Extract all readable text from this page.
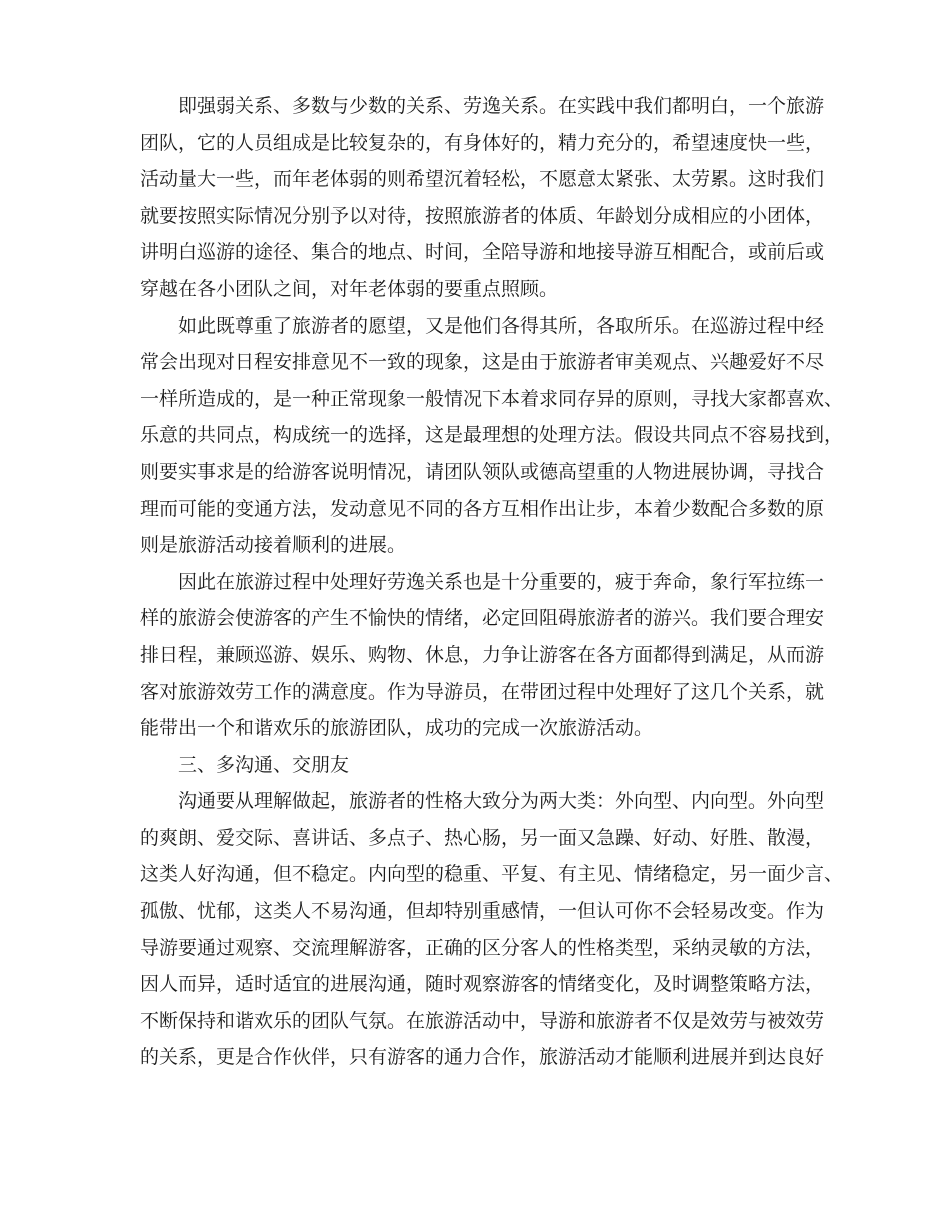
即强弱关系、多数与少数的关系、劳逸关系。在实践中我们都明白，一个旅游
团队，它的人员组成是比较复杂的，有身体好的，精力充分的，希望速度快一些，
活动量大一些，而年老体弱的则希望沉着轻松，不愿意太紧张、太劳累。这时我们
就要按照实际情况分别予以对待，按照旅游者的体质、年龄划分成相应的小团体，
讲明白巡游的途径、集合的地点、时间，全陪导游和地接导游互相配合，或前后或
穿越在各小团队之间，对年老体弱的要重点照顾。
如此既尊重了旅游者的愿望，又是他们各得其所，各取所乐。在巡游过程中经
常会出现对日程安排意见不一致的现象，这是由于旅游者审美观点、兴趣爱好不尽
一样所造成的，是一种正常现象一般情况下本着求同存异的原则，寻找大家都喜欢、
乐意的共同点，构成统一的选择，这是最理想的处理方法。假设共同点不容易找到，
则要实事求是的给游客说明情况，请团队领队或德高望重的人物进展协调，寻找合
理而可能的变通方法，发动意见不同的各方互相作出让步，本着少数配合多数的原
则是旅游活动接着顺利的进展。
因此在旅游过程中处理好劳逸关系也是十分重要的，疲于奔命，象行军拉练一
样的旅游会使游客的产生不愉快的情绪，必定回阻碍旅游者的游兴。我们要合理安
排日程，兼顾巡游、娱乐、购物、休息，力争让游客在各方面都得到满足，从而游
客对旅游效劳工作的满意度。作为导游员，在带团过程中处理好了这几个关系，就
能带出一个和谐欢乐的旅游团队，成功的完成一次旅游活动。
三、多沟通、交朋友
沟通要从理解做起，旅游者的性格大致分为两大类：外向型、内向型。外向型
的爽朗、爱交际、喜讲话、多点子、热心肠，另一面又急躁、好动、好胜、散漫，
这类人好沟通，但不稳定。内向型的稳重、平复、有主见、情绪稳定，另一面少言、
孤傲、忧郁，这类人不易沟通，但却特别重感情，一但认可你不会轻易改变。作为
导游要通过观察、交流理解游客，正确的区分客人的性格类型，采纳灵敏的方法，
因人而异，适时适宜的进展沟通，随时观察游客的情绪变化，及时调整策略方法，
不断保持和谐欢乐的团队气氛。在旅游活动中，导游和旅游者不仅是效劳与被效劳
的关系，更是合作伙伴，只有游客的通力合作，旅游活动才能顺利进展并到达良好
